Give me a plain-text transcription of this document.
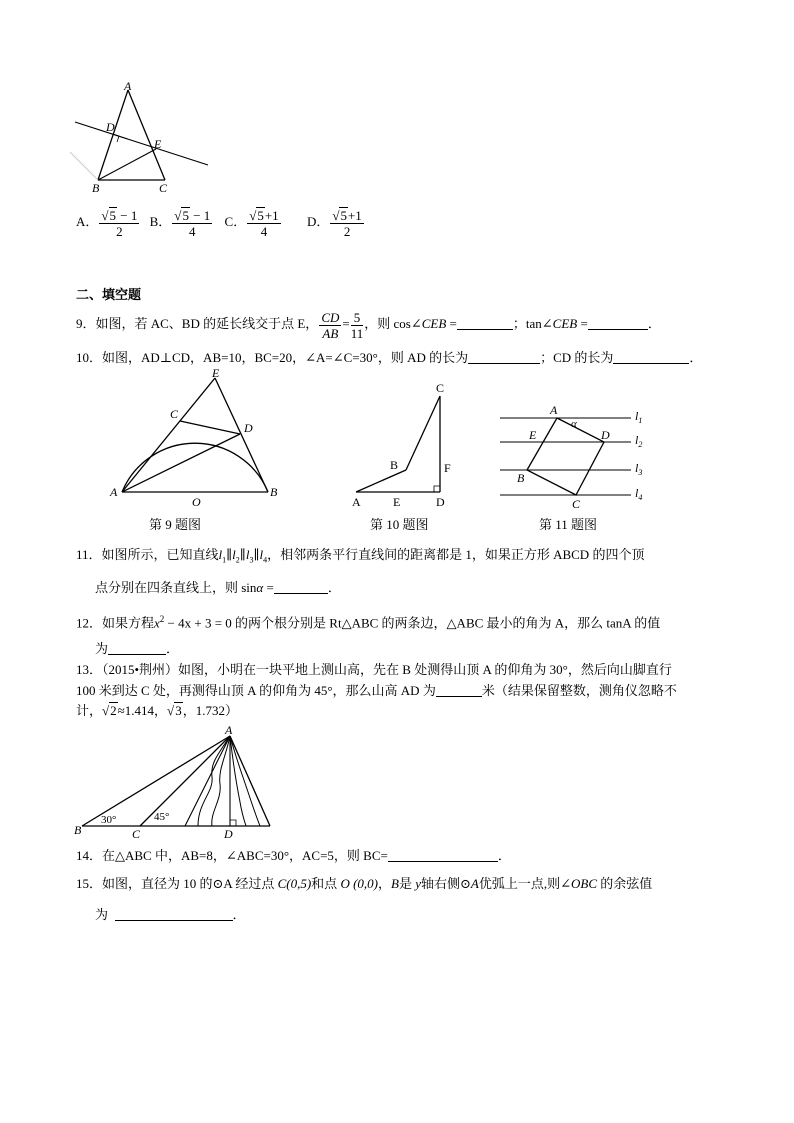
A
D
E
B	C
A． $\frac{√5 - 1}{2}$ B． $\frac{√5 - 1}{4}$ C． $\frac{√5+1}{4}$ D． $\frac{√5+1}{2}$
二、填空题
9．如图，若 AC、BD 的延长线交于点 E， $\frac{CD}{AB} = \frac{5}{11}$ ，则 cos∠CEB =	；tan∠CEB =	．
10．如图，AD⊥CD，AB=10，BC=20，∠A=∠C=30°，则 AD 的长为	；CD 的长为	．
E
C
D
A
O
B
第 9 题图
C
B	F
A	E	D
第 10 题图
A
α
E	D
B
C
$l_1$
$l_2$
$l_3$
$l_4$
第 11 题图
11．如图所示，已知直线$l_1\parallel l_2\parallel l_3\parallel l_4$，相邻两条平行直线间的距离都是 1，如果正方形 ABCD 的四个顶
点分别在四条直线上，则 sinα =	．
12．如果方程$x^2 - 4x + 3 = 0$ 的两个根分别是 Rt△ABC 的两条边，△ABC 最小的角为 A，那么 tanA 的值
为	．
13．（2015•荆州）如图，小明在一块平地上测山高，先在 B 处测得山顶 A 的仰角为 30°，然后向山脚直行
100 米到达 C 处，再测得山顶 A 的仰角为 45°，那么山高 AD 为	米（结果保留整数，测角仪忽略不
计，√2≈1.414，√3，1.732）
A
B	C	D
30°	45°
14．在△ABC 中，AB=8，∠ABC=30°，AC=5，则 BC=	．
15．如图，直径为 10 的⊙A 经过点 C(0,5)和点 O (0,0)，B是 y轴右侧⊙A优弧上一点,则∠OBC 的余弦值
为	．
